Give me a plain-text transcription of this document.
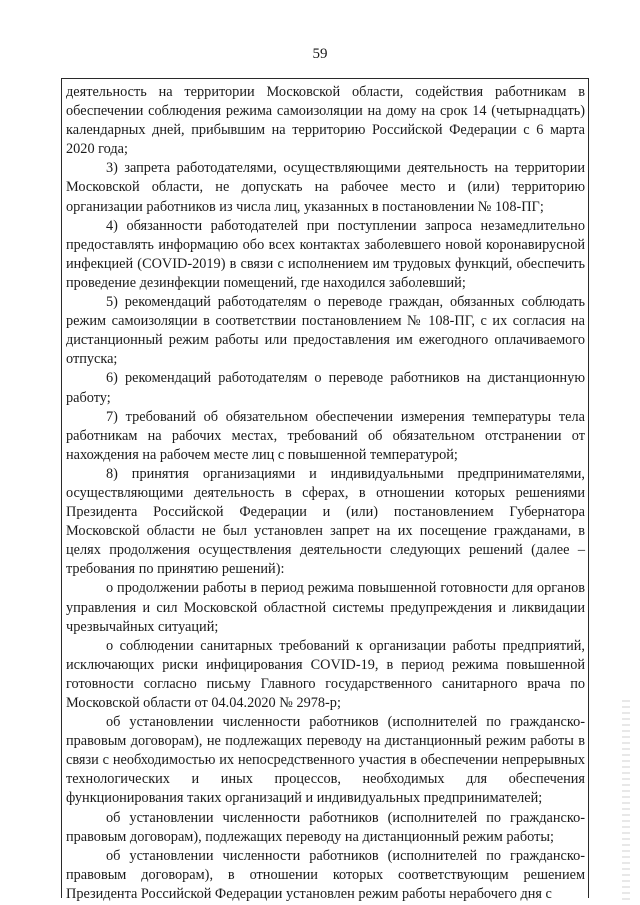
59

деятельность на территории Московской области, содействия работникам в обеспечении соблюдения режима самоизоляции на дому на срок 14 (четырнадцать) календарных дней, прибывшим на территорию Российской Федерации с 6 марта 2020 года;

3) запрета работодателями, осуществляющими деятельность на территории Московской области, не допускать на рабочее место и (или) территорию организации работников из числа лиц, указанных в постановлении № 108-ПГ;

4) обязанности работодателей при поступлении запроса незамедлительно предоставлять информацию обо всех контактах заболевшего новой коронавирусной инфекцией (COVID-2019) в связи с исполнением им трудовых функций, обеспечить проведение дезинфекции помещений, где находился заболевший;

5) рекомендаций работодателям о переводе граждан, обязанных соблюдать режим самоизоляции в соответствии постановлением № 108-ПГ, с их согласия на дистанционный режим работы или предоставления им ежегодного оплачиваемого отпуска;

6) рекомендаций работодателям о переводе работников на дистанционную работу;

7) требований об обязательном обеспечении измерения температуры тела работникам на рабочих местах, требований об обязательном отстранении от нахождения на рабочем месте лиц с повышенной температурой;

8) принятия организациями и индивидуальными предпринимателями, осуществляющими деятельность в сферах, в отношении которых решениями Президента Российской Федерации и (или) постановлением Губернатора Московской области не был установлен запрет на их посещение гражданами, в целях продолжения осуществления деятельности следующих решений (далее – требования по принятию решений):

о продолжении работы в период режима повышенной готовности для органов управления и сил Московской областной системы предупреждения и ликвидации чрезвычайных ситуаций;

о соблюдении санитарных требований к организации работы предприятий, исключающих риски инфицирования COVID-19, в период режима повышенной готовности согласно письму Главного государственного санитарного врача по Московской области от 04.04.2020 № 2978-р;

об установлении численности работников (исполнителей по гражданско-правовым договорам), не подлежащих переводу на дистанционный режим работы в связи с необходимостью их непосредственного участия в обеспечении непрерывных технологических и иных процессов, необходимых для обеспечения функционирования таких организаций и индивидуальных предпринимателей;

об установлении численности работников (исполнителей по гражданско-правовым договорам), подлежащих переводу на дистанционный режим работы;

об установлении численности работников (исполнителей по гражданско-правовым договорам), в отношении которых соответствующим решением Президента Российской Федерации установлен режим работы нерабочего дня с
